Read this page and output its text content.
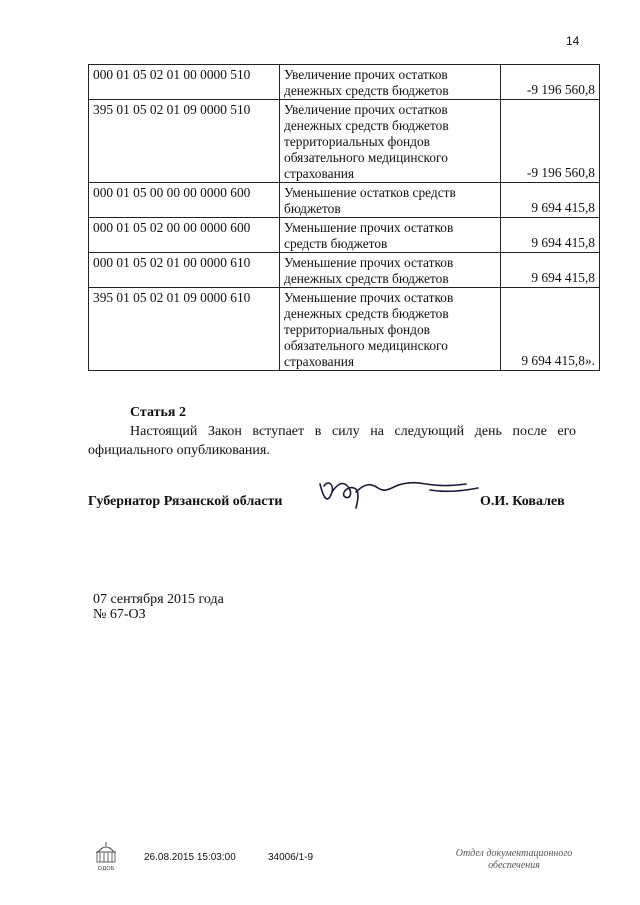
14
000 01 05 02 01 00 0000 510	Увеличение прочих остатков денежных средств бюджетов	-9 196 560,8
395 01 05 02 01 09 0000 510	Увеличение прочих остатков денежных средств бюджетов территориальных фондов обязательного медицинского страхования	-9 196 560,8
000 01 05 00 00 00 0000 600	Уменьшение остатков средств бюджетов	9 694 415,8
000 01 05 02 00 00 0000 600	Уменьшение прочих остатков средств бюджетов	9 694 415,8
000 01 05 02 01 00 0000 610	Уменьшение прочих остатков денежных средств бюджетов	9 694 415,8
395 01 05 02 01 09 0000 610	Уменьшение прочих остатков денежных средств бюджетов территориальных фондов обязательного медицинского страхования	9 694 415,8».
Статья 2
Настоящий Закон вступает в силу на следующий день после его официального опубликования.
Губернатор Рязанской области	О.И. Ковалев
07 сентября 2015 года
№ 67-ОЗ
ОДОБ
26.08.2015 15:03:00	34006/1-9	Отдел документационного обеспечения
